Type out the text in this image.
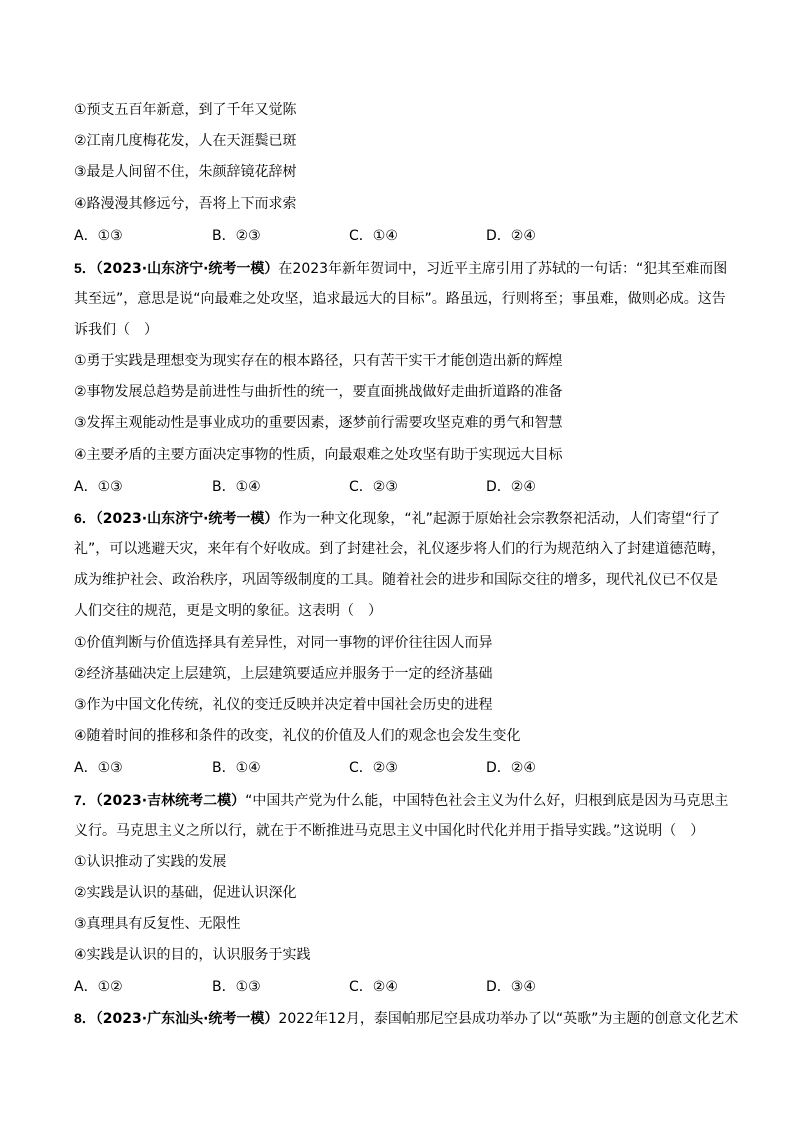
①预支五百年新意，到了千年又觉陈
②江南几度梅花发，人在天涯鬓已斑
③最是人间留不住，朱颜辞镜花辞树
④路漫漫其修远兮，吾将上下而求索
A．①③	B．②③	C．①④	D．②④
5．（2023·山东济宁·统考一模）在2023年新年贺词中，习近平主席引用了苏轼的一句话：“犯其至难而图
其至远”，意思是说“向最难之处攻坚，追求最远大的目标”。路虽远，行则将至；事虽难，做则必成。这告
诉我们（　）
①勇于实践是理想变为现实存在的根本路径，只有苦干实干才能创造出新的辉煌
②事物发展总趋势是前进性与曲折性的统一，要直面挑战做好走曲折道路的准备
③发挥主观能动性是事业成功的重要因素，逐梦前行需要攻坚克难的勇气和智慧
④主要矛盾的主要方面决定事物的性质，向最艰难之处攻坚有助于实现远大目标
A．①③	B．①④	C．②③	D．②④
6．（2023·山东济宁·统考一模）作为一种文化现象，“礼”起源于原始社会宗教祭祀活动，人们寄望“行了
礼”，可以逃避天灾，来年有个好收成。到了封建社会，礼仪逐步将人们的行为规范纳入了封建道德范畴，
成为维护社会、政治秩序，巩固等级制度的工具。随着社会的进步和国际交往的增多，现代礼仪已不仅是
人们交往的规范，更是文明的象征。这表明（　）
①价值判断与价值选择具有差异性，对同一事物的评价往往因人而异
②经济基础决定上层建筑，上层建筑要适应并服务于一定的经济基础
③作为中国文化传统，礼仪的变迁反映并决定着中国社会历史的进程
④随着时间的推移和条件的改变，礼仪的价值及人们的观念也会发生变化
A．①③	B．①④	C．②③	D．②④
7．（2023·吉林统考二模）“中国共产党为什么能，中国特色社会主义为什么好，归根到底是因为马克思主
义行。马克思主义之所以行，就在于不断推进马克思主义中国化时代化并用于指导实践。”这说明（　）
①认识推动了实践的发展
②实践是认识的基础，促进认识深化
③真理具有反复性、无限性
④实践是认识的目的，认识服务于实践
A．①②	B．①③	C．②④	D．③④
8．（2023·广东汕头·统考一模）2022年12月，泰国帕那尼空县成功举办了以“英歌”为主题的创意文化艺术
